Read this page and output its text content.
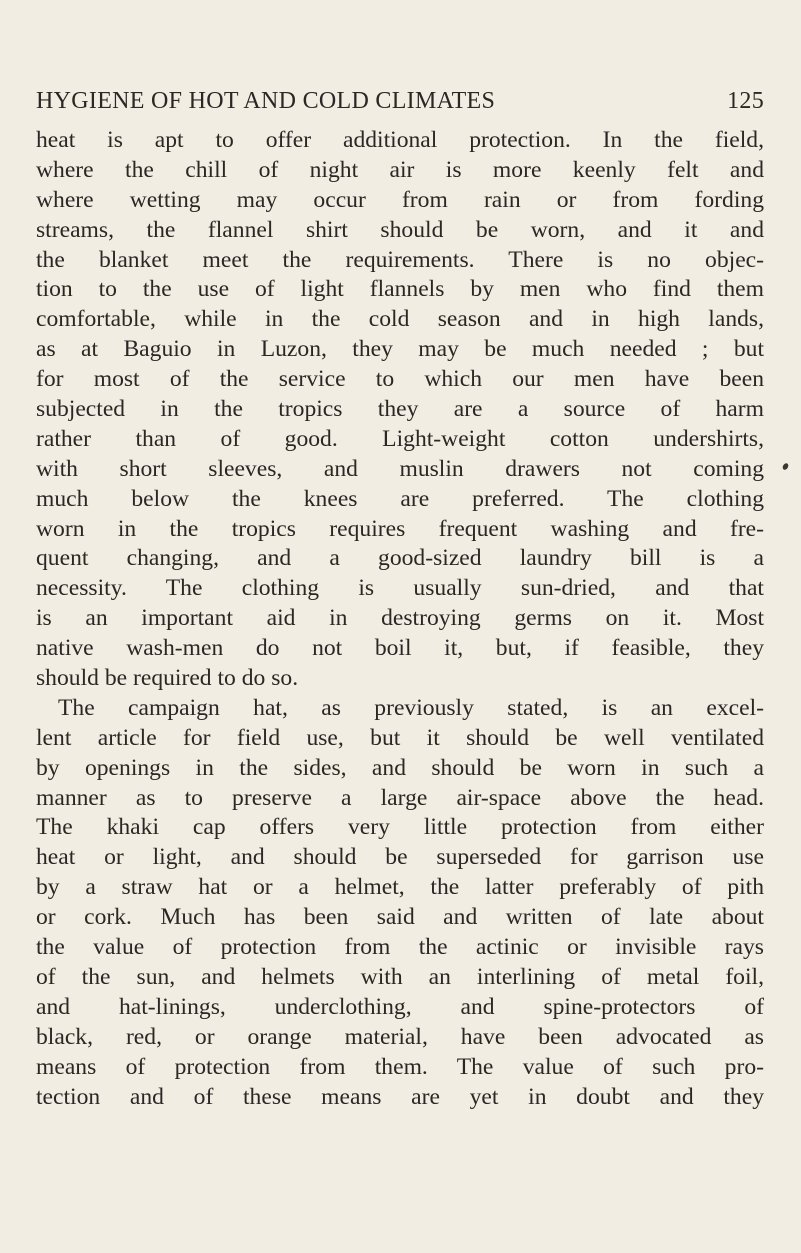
HYGIENE OF HOT AND COLD CLIMATES	125
heat is apt to offer additional protection. In the field,
where the chill of night air is more keenly felt and
where wetting may occur from rain or from fording
streams, the flannel shirt should be worn, and it and
the blanket meet the requirements. There is no objec-
tion to the use of light flannels by men who find them
comfortable, while in the cold season and in high lands,
as at Baguio in Luzon, they may be much needed ; but
for most of the service to which our men have been
subjected in the tropics they are a source of harm
rather than of good. Light-weight cotton undershirts,
with short sleeves, and muslin drawers not coming
much below the knees are preferred. The clothing
worn in the tropics requires frequent washing and fre-
quent changing, and a good-sized laundry bill is a
necessity. The clothing is usually sun-dried, and that
is an important aid in destroying germs on it. Most
native wash-men do not boil it, but, if feasible, they
should be required to do so.
The campaign hat, as previously stated, is an excel-
lent article for field use, but it should be well ventilated
by openings in the sides, and should be worn in such a
manner as to preserve a large air-space above the head.
The khaki cap offers very little protection from either
heat or light, and should be superseded for garrison use
by a straw hat or a helmet, the latter preferably of pith
or cork. Much has been said and written of late about
the value of protection from the actinic or invisible rays
of the sun, and helmets with an interlining of metal foil,
and hat-linings, underclothing, and spine-protectors of
black, red, or orange material, have been advocated as
means of protection from them. The value of such pro-
tection and of these means are yet in doubt and they
